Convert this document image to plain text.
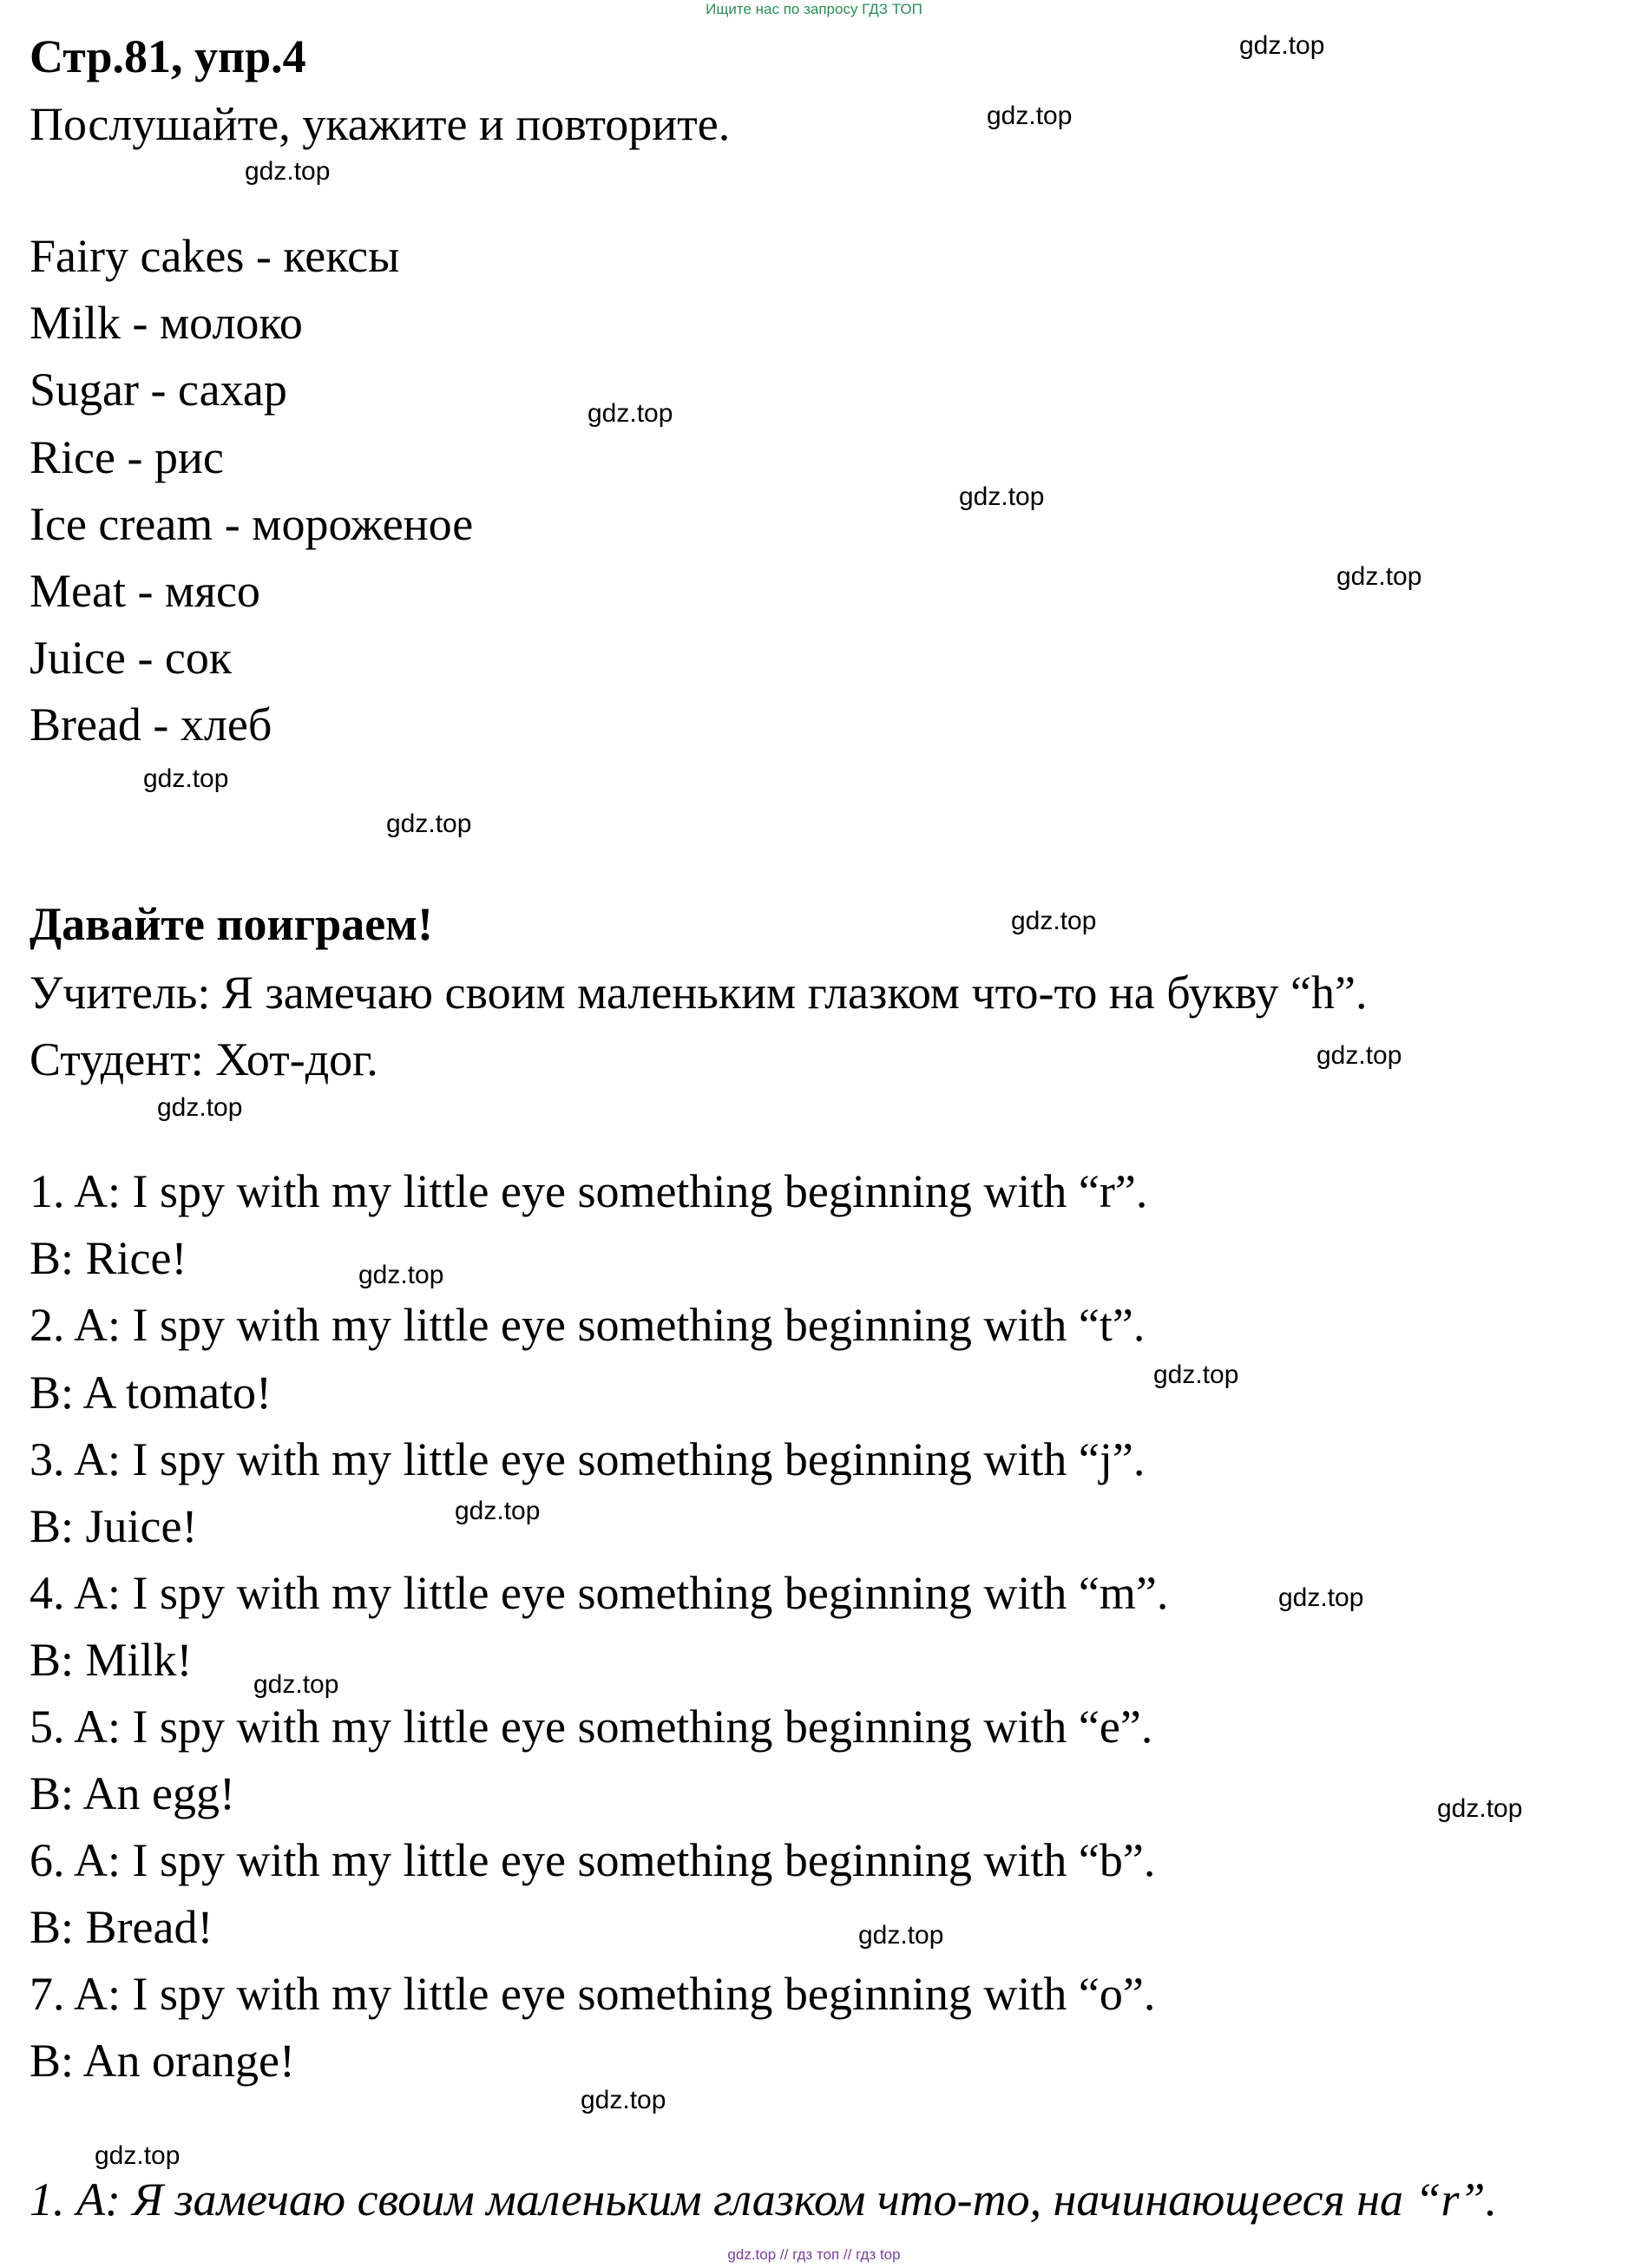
Ищите нас по запросу ГДЗ ТОП
Стр.81, упр.4
Послушайте, укажите и повторите.
Fairy cakes - кексы
Milk - молоко
Sugar - сахар
Rice - рис
Ice cream - мороженое
Meat - мясо
Juice - сок
Bread - хлеб
Давайте поиграем!
Учитель: Я замечаю своим маленьким глазком что-то на букву “h”.
Студент: Хот-дог.
1. A: I spy with my little eye something beginning with “r”.
B: Rice!
2. A: I spy with my little eye something beginning with “t”.
B: A tomato!
3. A: I spy with my little eye something beginning with “j”.
B: Juice!
4. A: I spy with my little eye something beginning with “m”.
B: Milk!
5. A: I spy with my little eye something beginning with “e”.
B: An egg!
6. A: I spy with my little eye something beginning with “b”.
B: Bread!
7. A: I spy with my little eye something beginning with “o”.
B: An orange!
1. А: Я замечаю своим маленьким глазком что-то, начинающееся на “r”.
gdz.top
gdz.top
gdz.top
gdz.top
gdz.top
gdz.top
gdz.top
gdz.top
gdz.top
gdz.top
gdz.top
gdz.top
gdz.top
gdz.top
gdz.top
gdz.top
gdz.top
gdz.top
gdz.top
gdz.top
gdz.top // гдз топ // гдз top
